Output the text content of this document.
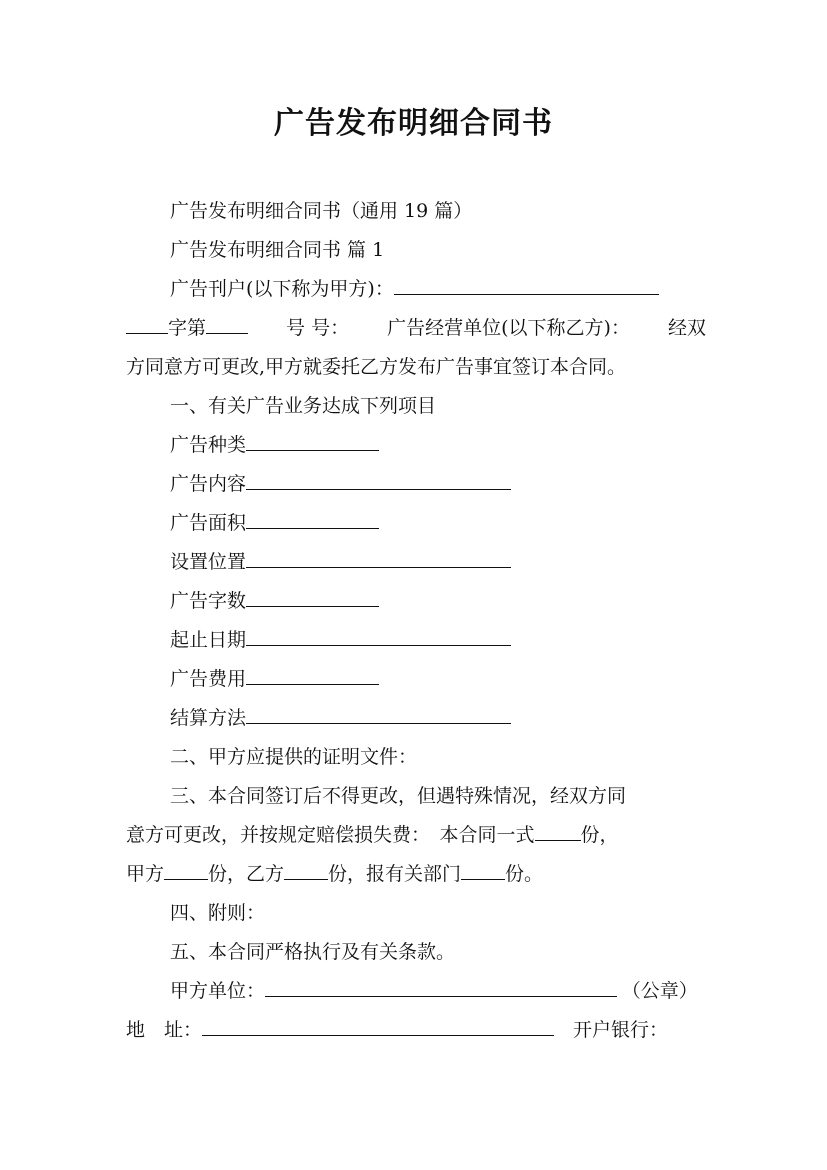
广告发布明细合同书
广告发布明细合同书（通用 19 篇）
广告发布明细合同书 篇 1
广告刊户(以下称为甲方)：
字第	号 号： 广告经营单位(以下称乙方)： 经双
方同意方可更改,甲方就委托乙方发布广告事宜签订本合同。
一、有关广告业务达成下列项目
广告种类
广告内容
广告面积
设置位置
广告字数
起止日期
广告费用
结算方法
二、甲方应提供的证明文件：
三、本合同签订后不得更改，但遇特殊情况，经双方同
意方可更改，并按规定赔偿损失费：　 本合同一式 份，
甲方 份，乙方 份，报有关部门 份。
四、附则：
五、本合同严格执行及有关条款。
甲方单位： 	（公章）
地　址：　	开户银行：
